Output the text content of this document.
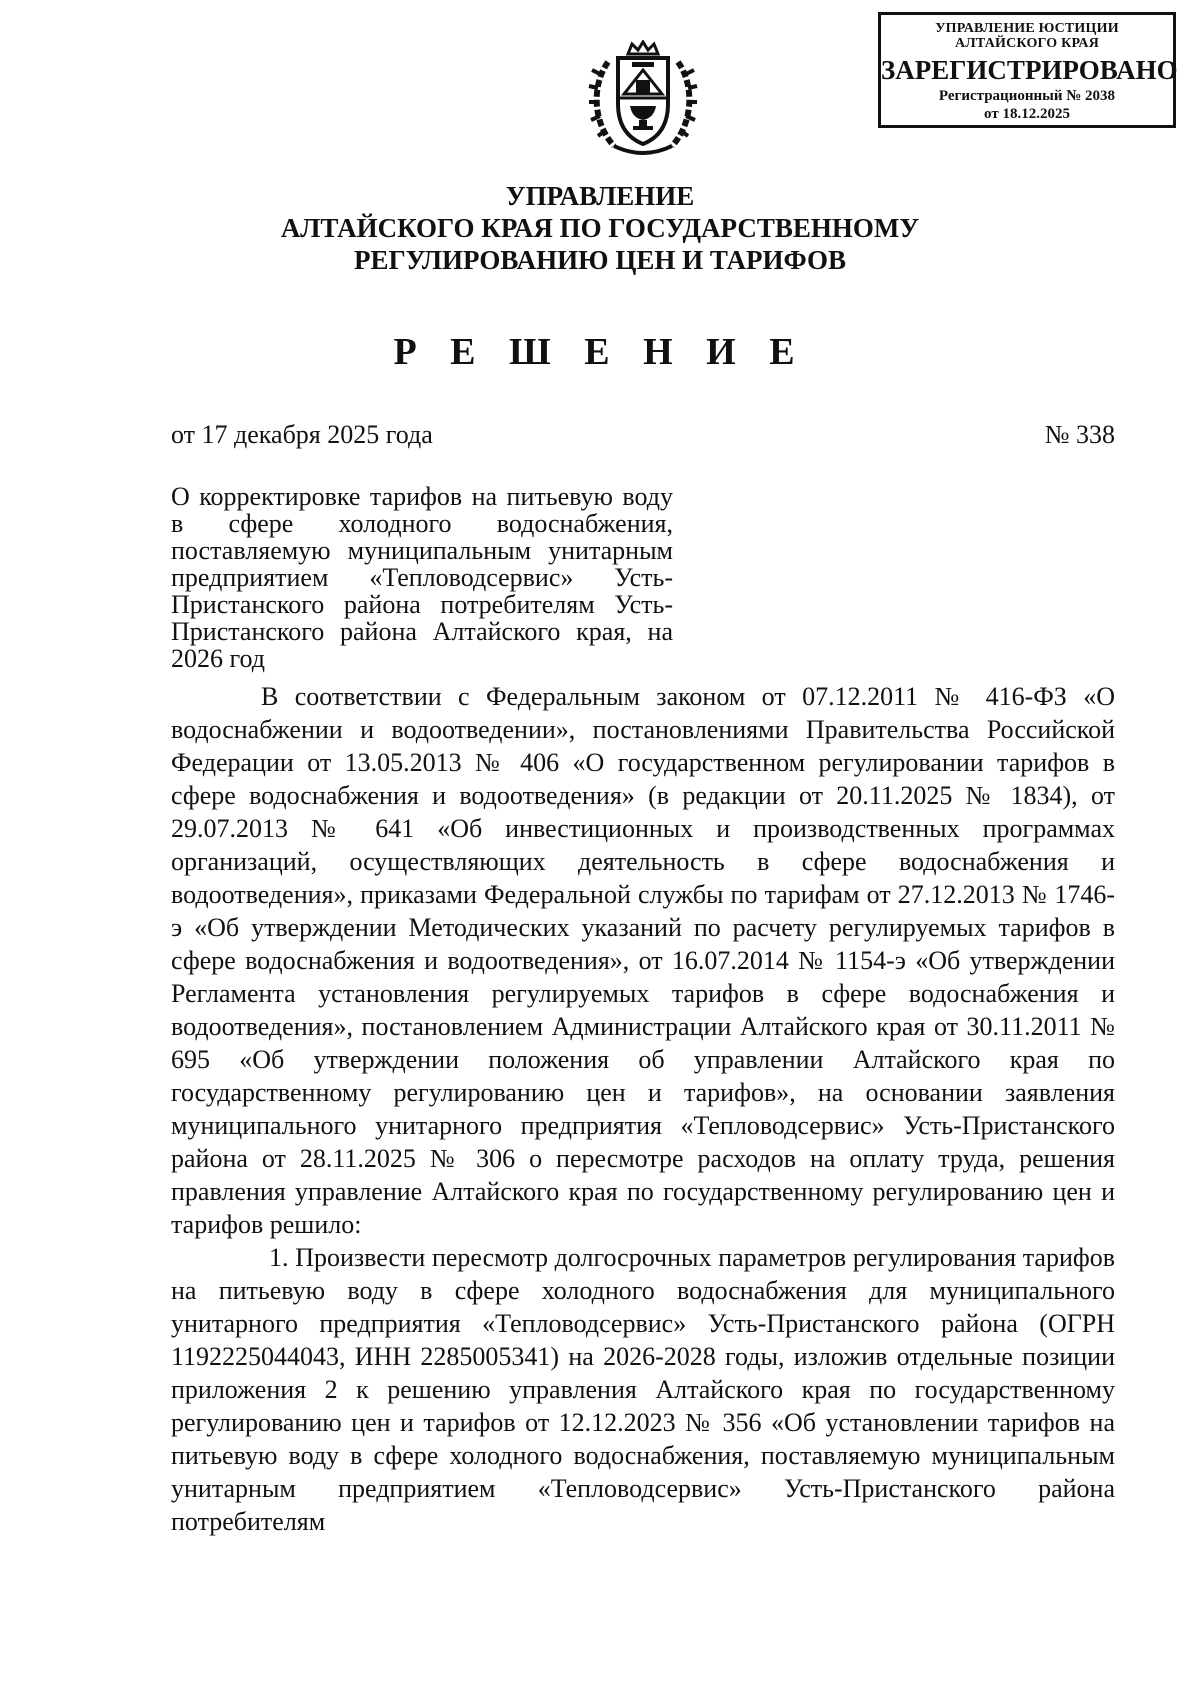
УПРАВЛЕНИЕ ЮСТИЦИИ
АЛТАЙСКОГО КРАЯ
ЗАРЕГИСТРИРОВАНО
Регистрационный № 2038
от 18.12.2025
УПРАВЛЕНИЕ
АЛТАЙСКОГО КРАЯ ПО ГОСУДАРСТВЕННОМУ
РЕГУЛИРОВАНИЮ ЦЕН И ТАРИФОВ
Р Е Ш Е Н И Е
от 17 декабря 2025 года	№ 338
О корректировке тарифов на питьевую воду в сфере холодного водоснабжения, поставляемую муниципальным унитарным предприятием «Тепловодсервис» Усть-Пристанского района потребителям Усть-Пристанского района Алтайского края, на 2026 год

В соответствии с Федеральным законом от 07.12.2011 № 416-ФЗ «О водоснабжении и водоотведении», постановлениями Правительства Российской Федерации от 13.05.2013 № 406 «О государственном регулировании тарифов в сфере водоснабжения и водоотведения» (в редакции от 20.11.2025 № 1834), от 29.07.2013 № 641 «Об инвестиционных и производственных программах организаций, осуществляющих деятельность в сфере водоснабжения и водоотведения», приказами Федеральной службы по тарифам от 27.12.2013 № 1746-э «Об утверждении Методических указаний по расчету регулируемых тарифов в сфере водоснабжения и водоотведения», от 16.07.2014 № 1154-э «Об утверждении Регламента установления регулируемых тарифов в сфере водоснабжения и водоотведения», постановлением Администрации Алтайского края от 30.11.2011 № 695 «Об утверждении положения об управлении Алтайского края по государственному регулированию цен и тарифов», на основании заявления муниципального унитарного предприятия «Тепловодсервис» Усть-Пристанского района от 28.11.2025 № 306 о пересмотре расходов на оплату труда, решения правления управление Алтайского края по государственному регулированию цен и тарифов решило:

1. Произвести пересмотр долгосрочных параметров регулирования тарифов на питьевую воду в сфере холодного водоснабжения для муниципального унитарного предприятия «Тепловодсервис» Усть-Пристанского района (ОГРН 1192225044043, ИНН 2285005341) на 2026-2028 годы, изложив отдельные позиции приложения 2 к решению управления Алтайского края по государственному регулированию цен и тарифов от 12.12.2023 № 356 «Об установлении тарифов на питьевую воду в сфере холодного водоснабжения, поставляемую муниципальным унитарным предприятием «Тепловодсервис» Усть-Пристанского района потребителям
